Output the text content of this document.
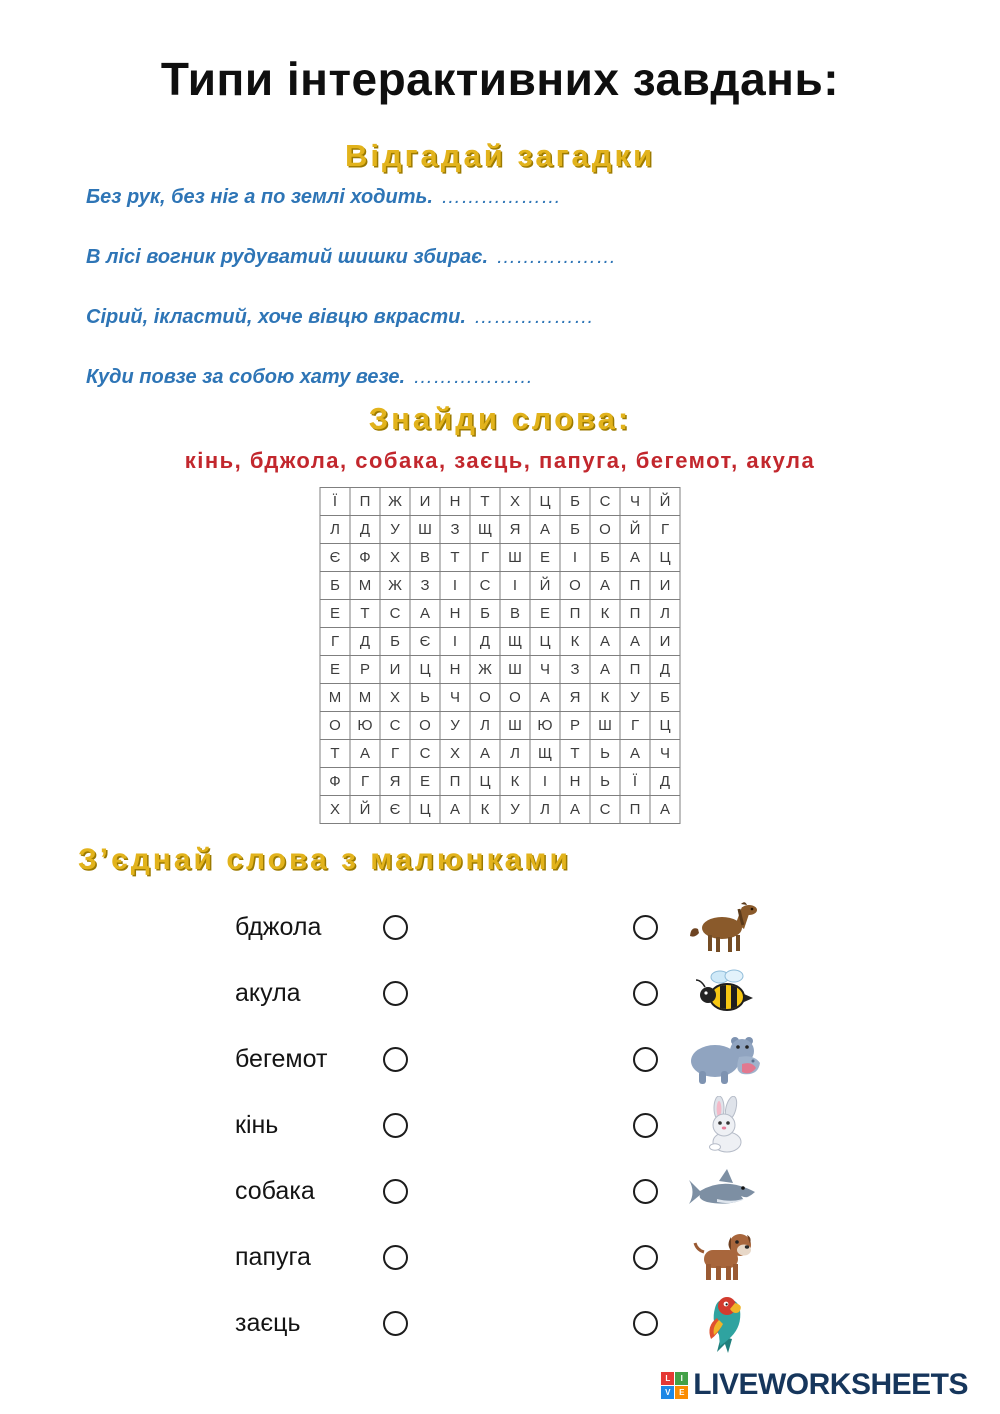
Типи інтерактивних завдань:
Відгадай загадки

Без рук, без ніг а по землі ходить. ………………

В лісі вогник рудуватий шишки збирає. ………………

Сірий, ікластий, хоче вівцю вкрасти. ………………

Куди повзе за собою хату везе. ………………

Знайди слова:
кінь, бджола, собака, заєць, папуга, бегемот, акула
Ї	П	Ж	И	Н	Т	Х	Ц	Б	С	Ч	Й
Л	Д	У	Ш	З	Щ	Я	А	Б	О	Й	Г
Є	Ф	Х	В	Т	Г	Ш	Е	І	Б	А	Ц
Б	М	Ж	З	І	С	І	Й	О	А	П	И
Е	Т	С	А	Н	Б	В	Е	П	К	П	Л
Г	Д	Б	Є	І	Д	Щ	Ц	К	А	А	И
Е	Р	И	Ц	Н	Ж	Ш	Ч	З	А	П	Д
М	М	Х	Ь	Ч	О	О	А	Я	К	У	Б
О	Ю	С	О	У	Л	Ш	Ю	Р	Ш	Г	Ц
Т	А	Г	С	Х	А	Л	Щ	Т	Ь	А	Ч
Ф	Г	Я	Е	П	Ц	К	І	Н	Ь	Ї	Д
Х	Й	Є	Ц	А	К	У	Л	А	С	П	А
З’єднай слова з малюнками
бджола
акула
бегемот
кінь
собака
папуга
заєць
L	I
V	E LIVEWORKSHEETS
